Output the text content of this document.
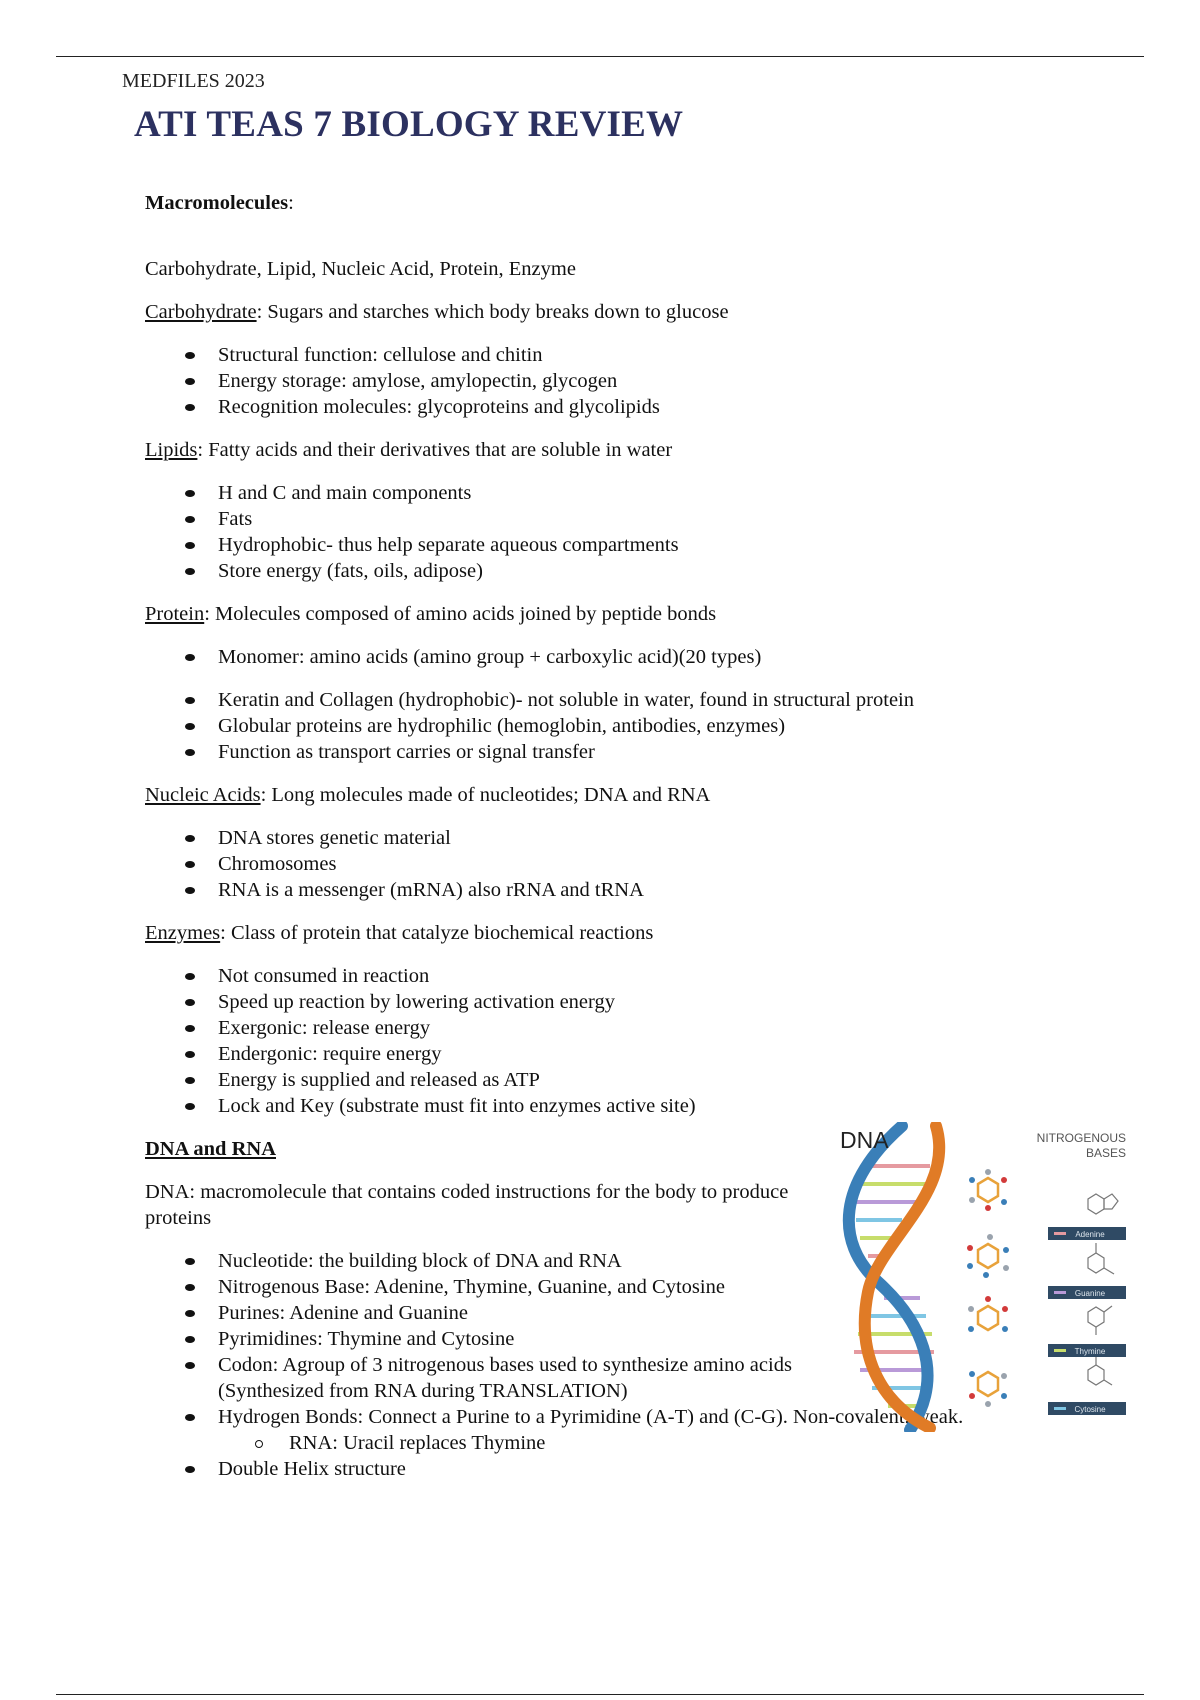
MEDFILES 2023
ATI TEAS 7 BIOLOGY REVIEW

Macromolecules:

Carbohydrate, Lipid, Nucleic Acid, Protein, Enzyme

Carbohydrate: Sugars and starches which body breaks down to glucose

Structural function: cellulose and chitin
Energy storage: amylose, amylopectin, glycogen
Recognition molecules: glycoproteins and glycolipids

Lipids: Fatty acids and their derivatives that are soluble in water

H and C and main components
Fats
Hydrophobic- thus help separate aqueous compartments
Store energy (fats, oils, adipose)

Protein: Molecules composed of amino acids joined by peptide bonds

Monomer: amino acids (amino group + carboxylic acid)(20 types)
Keratin and Collagen (hydrophobic)- not soluble in water, found in structural protein
Globular proteins are hydrophilic (hemoglobin, antibodies, enzymes)
Function as transport carries or signal transfer

Nucleic Acids: Long molecules made of nucleotides; DNA and RNA

DNA stores genetic material
Chromosomes
RNA is a messenger (mRNA) also rRNA and tRNA

Enzymes: Class of protein that catalyze biochemical reactions

Not consumed in reaction
Speed up reaction by lowering activation energy
Exergonic: release energy
Endergonic: require energy
Energy is supplied and released as ATP
Lock and Key (substrate must fit into enzymes active site)

DNA and RNA

DNA: macromolecule that contains coded instructions for the body to produce proteins

Nucleotide: the building block of DNA and RNA
Nitrogenous Base: Adenine, Thymine, Guanine, and Cytosine
Purines: Adenine and Guanine
Pyrimidines: Thymine and Cytosine
Codon: Agroup of 3 nitrogenous bases used to synthesize amino acids (Synthesized from RNA during TRANSLATION)
Hydrogen Bonds: Connect a Purine to a Pyrimidine (A-T) and (C-G). Non-covalent, weak.
RNA: Uracil replaces Thymine
Double Helix structure
DNA	NITROGENOUS
BASES
Adenine
Guanine
Thymine
Cytosine
